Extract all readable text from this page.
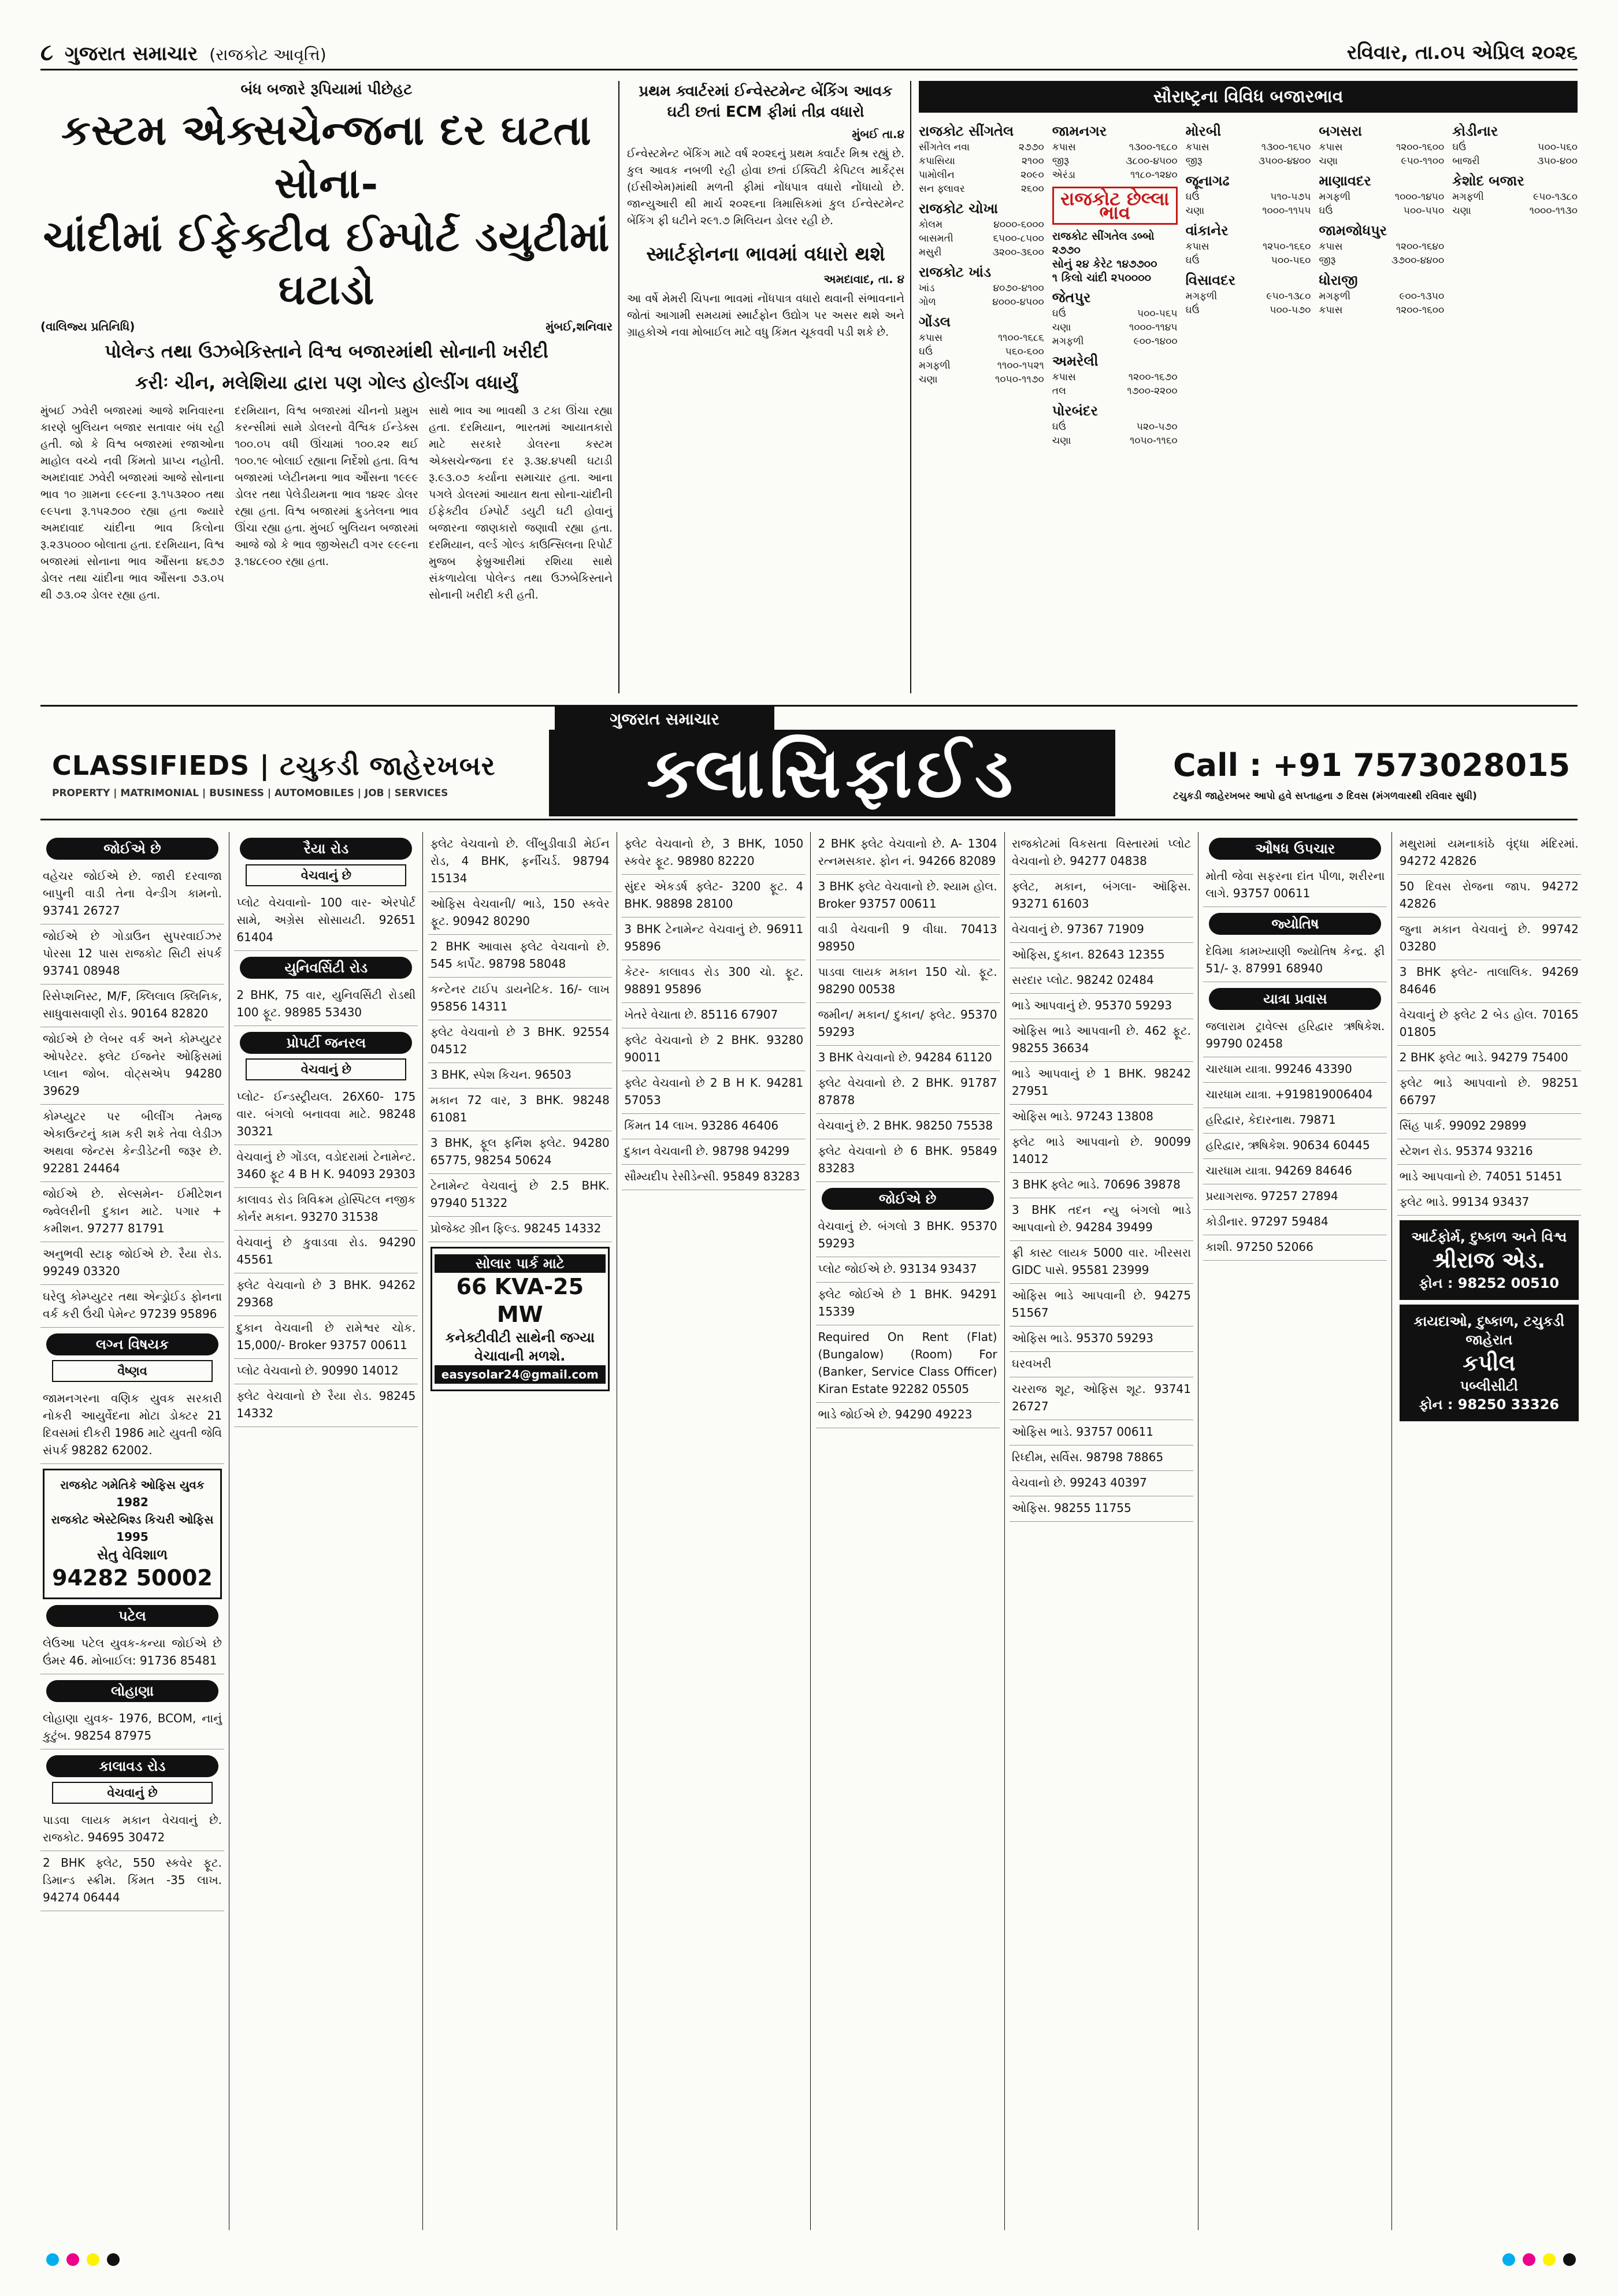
૮ ગુજરાત સમાચાર (રાજકોટ આવૃત્તિ)	રવિવાર, તા.૦૫ એપ્રિલ ૨૦૨૬
બંધ બજારે રૂપિયામાં પીછેહટ
કસ્ટમ એક્સચેન્જના દર ઘટતા સોના-
ચાંદીમાં ઈફેક્ટીવ ઈમ્પોર્ટ ડયુટીમાં ઘટાડો
(વાલિજ્ય પ્રતિનિધિ)	મુંબઈ,શનિવાર
પોલેન્ડ તથા ઉઝબેકિસ્તાને વિશ્વ બજારમાંથી સોનાની ખરીદી
કરીઃ ચીન, મલેશિયા દ્વારા પણ ગોલ્ડ હોલ્ડીંગ વધાર્યું
મુંબઈ ઝવેરી બજારમાં આજે શનિવારના કારણે બુલિયન બજાર સતાવાર બંધ રહી હતી. જો કે વિશ્વ બજારમાં રજાઓના માહોલ વચ્ચે નવી કિંમતો પ્રાપ્ય નહોતી. અમદાવાદ ઝવેરી બજારમાં આજે સોનાના ભાવ ૧૦ ગ્રામના ૯૯૯ના રૂ.૧૫૩૨૦૦ તથા ૯૯૫ના રૂ.૧૫૨૭૦૦ રહ્યા હતા જ્યારે અમદાવાદ ચાંદીના ભાવ કિલોના રૂ.૨૩૫૦૦૦ બોલાતા હતા. દરમિયાન, વિશ્વ બજારમાં સોનાના ભાવ ઔંસના ૪૬૭૭ ડોલર તથા ચાંદીના ભાવ ઔંસના ૭૩.૦૫ થી ૭૩.૦૨ ડોલર રહ્યા હતા.
દરમિયાન, વિશ્વ બજારમાં ચીનનો પ્રમુખ કરન્સીમાં સામે ડોલરનો વૈશ્વિક ઈન્ડેક્સ ૧૦૦.૦૫ વધી ઊંચામાં ૧૦૦.૨૨ થઈ ૧૦૦.૧૯ બોલાઈ રહ્યાના નિર્દેશો હતા. વિશ્વ બજારમાં પ્લેટીનમના ભાવ ઔંસના ૧૯૯૯ ડોલર તથા પેલેડીયમના ભાવ ૧૪૨૯ ડોલર રહ્યા હતા. વિશ્વ બજારમાં ક્રુડતેલના ભાવ ઊંચા રહ્યા હતા. મુંબઈ બુલિયન બજારમાં આજે જો કે ભાવ જીએસટી વગર ૯૯૯ના રૂ.૧૪૮૯૦૦ રહ્યા હતા.
સાથે ભાવ આ ભાવથી ૩ ટકા ઊંચા રહ્યા હતા. દરમિયાન, ભારતમાં આયાતકારો માટે સરકારે ડોલરના કસ્ટમ એક્સચેન્જના દર રૂ.૩૪.૪૫થી ઘટાડી રૂ.૯૩.૦૭ કર્યાના સમાચાર હતા. આના પગલે ડોલરમાં આયાત થતા સોના-ચાંદીની ઈફેક્ટીવ ઈમ્પોર્ટ ડયુટી ઘટી હોવાનું બજારના જાણકારો જણાવી રહ્યા હતા. દરમિયાન, વર્લ્ડ ગોલ્ડ કાઉન્સિલના રિપોર્ટ મુજબ ફેબ્રુઆરીમાં રશિયા સાથે સંકળાયેલા પોલેન્ડ તથા ઉઝબેકિસ્તાને સોનાની ખરીદી કરી હતી.
પ્રથમ ક્વાર્ટરમાં ઈન્વેસ્ટમેન્ટ બેંકિંગ આવક ઘટી છતાં ECM ફીમાં તીવ્ર વધારો
મુંબઈ તા.૪
ઈન્વેસ્ટમેન્ટ બેંકિંગ માટે વર્ષ ૨૦૨૬નું પ્રથમ ક્વાર્ટર મિશ્ર રહ્યું છે. કુલ આવક નબળી રહી હોવા છતાં ઈક્વિટી કેપિટલ માર્કેટ્સ (ઈસીએમ)માંથી મળતી ફીમાં નોંધપાત્ર વધારો નોંધાયો છે. જાન્યુઆરી થી માર્ચ ૨૦૨૬ના ત્રિમાસિકમાં કુલ ઈન્વેસ્ટમેન્ટ બેંકિંગ ફી ઘટીને ૨૯૧.૭ મિલિયન ડોલર રહી છે.
સ્માર્ટફોનના ભાવમાં વધારો થશે
અમદાવાદ, તા. ૪
આ વર્ષે મેમરી ચિપના ભાવમાં નોંધપાત્ર વધારો થવાની સંભાવનાને જોતાં આગામી સમયમાં સ્માર્ટફોન ઉદ્યોગ પર અસર થશે અને ગ્રાહકોએ નવા મોબાઈલ માટે વધુ કિંમત ચૂકવવી પડી શકે છે.
સૌરાષ્ટ્રના વિવિધ બજારભાવ
રાજકોટ સીંગતેલ
સીંગતેલ નવા	૨૭૭૦
કપાસિયા	૨૧૦૦
પામોલીન	૨૦૯૦
સન ફ્લાવર	૨૬૦૦
રાજકોટ ચોખા
કોલમ	૪૦૦૦-૬૦૦૦
બાસમતી	૬૫૦૦-૮૫૦૦
મસુરી	૩૨૦૦-૩૬૦૦
રાજકોટ ખાંડ
ખાંડ	૪૦૭૦-૪૧૦૦
ગોળ	૪૦૦૦-૪૫૦૦
ગોંડલ
કપાસ	૧૧૦૦-૧૬૮૬
ઘઉં	૫૬૦-૬૦૦
મગફળી	૧૧૦૦-૧૫૨૧
ચણા	૧૦૫૦-૧૧૭૦
જામનગર
કપાસ	૧૩૦૦-૧૬૮૦
જીરૂ	૩૮૦૦-૪૫૦૦
એરંડા	૧૧૮૦-૧૨૪૦
રાજકોટ છેલ્લા ભાવ
રાજકોટ સીંગતેલ ડબ્બો ૨૭૭૦
સોનું ૨૪ કેરેટ ૧૪૭૭૦૦
૧ કિલો ચાંદી ૨૫૦૦૦૦
જેતપુર
ઘઉં	૫૦૦-૫૬૫
ચણા	૧૦૦૦-૧૧૪૫
મગફળી	૯૦૦-૧૪૦૦
અમરેલી
કપાસ	૧૨૦૦-૧૬૭૦
તલ	૧૭૦૦-૨૨૦૦
પોરબંદર
ઘઉં	૫૨૦-૫૭૦
ચણા	૧૦૫૦-૧૧૬૦
મોરબી
કપાસ	૧૩૦૦-૧૬૫૦
જીરૂ	૩૫૦૦-૪૪૦૦
જૂનાગઢ
ઘઉં	૫૧૦-૫૭૫
ચણા	૧૦૦૦-૧૧૫૫
વાંકાનેર
કપાસ	૧૨૫૦-૧૬૬૦
ઘઉં	૫૦૦-૫૬૦
વિસાવદર
મગફળી	૯૫૦-૧૩૮૦
ઘઉં	૫૦૦-૫૭૦
બગસરા
કપાસ	૧૨૦૦-૧૬૦૦
ચણા	૯૫૦-૧૧૦૦
માણાવદર
મગફળી	૧૦૦૦-૧૪૫૦
ઘઉં	૫૦૦-૫૫૦
જામજોધપુર
કપાસ	૧૨૦૦-૧૬૪૦
જીરૂ	૩૭૦૦-૪૪૦૦
ધોરાજી
મગફળી	૯૦૦-૧૩૫૦
કપાસ	૧૨૦૦-૧૬૦૦
કોડીનાર
ઘઉં	૫૦૦-૫૬૦
બાજરી	૩૫૦-૪૦૦
કેશોદ બજાર
મગફળી	૯૫૦-૧૩૮૦
ચણા	૧૦૦૦-૧૧૩૦
ગુજરાત સમાચાર
CLASSIFIEDS | ટચુકડી જાહેરખબર
PROPERTY | MATRIMONIAL | BUSINESS | AUTOMOBILES | JOB | SERVICES	ક્લાસિફાઈડ	Call : +91 7573028015
ટચુકડી જાહેરખબર આપો હવે સપ્તાહના ૭ દિવસ (મંગળવારથી રવિવાર સુધી)
જોઈએ છે
વહેચર જોઈએ છે. જારી દરવાજા બાપુની વાડી તેના વેન્ડીગ કામનો. 93741 26727
જોઈએ છે ગોડાઉન સુપરવાઈઝર પોરસા 12 પાસ રાજકોટ સિટી સંપર્ક 93741 08948
રિસેપ્શનિસ્ટ, M/F, ક્લિલાલ ક્લિનિક, સાધુવાસવાણી રોડ. 90164 82820
જોઈએ છે લેબર વર્ક અને કોમ્પ્યુટર ઓપરેટર. ફ્લેટ ઈજનેર ઓફિસમાં પ્લાન જોબ. વોટ્સએપ 94280 39629
કોમ્પ્યુટર પર બીલીંગ તેમજ એકાઉન્ટનું કામ કરી શકે તેવા લેડીઝ અથવા જેન્ટસ કેન્ડીડેટની જરૂર છે. 92281 24464
જોઈએ છે. સેલ્સમેન- ઈમીટેશન જ્વેલરીની દુકાન માટે. પગાર + કમીશન. 97277 81791
અનુભવી સ્ટાફ જોઈએ છે. રૈયા રોડ. 99249 03320
ઘરેલુ કોમ્પ્યુટર તથા એન્ડ્રોઈડ ફોનના વર્ક કરી ઉંચી પેમેન્ટ 97239 95896
લગ્ન વિષયક
વૈષ્ણવ
જામનગરના વણિક યુવક સરકારી નોકરી આયુર્વેદના મોટા ડોક્ટર 21 દિવસમાં દીકરી 1986 માટે યુવતી જેવિ સંપર્ક 98282 62002.
રાજકોટ ગમેતિકે ઓફિસ યુવક 1982
રાજકોટ એસ્ટેબિશ્ડ કિચરી ઓફિસ 1995
સેતુ વેવિશાળ
94282 50002
પટેલ
લેઉઆ પટેલ યુવક-કન્યા જોઈએ છે ઉંમર 46. મોબાઈલ: 91736 85481
લોહાણા
લોહાણા યુવક- 1976, BCOM, નાનું કુટુંબ. 98254 87975
કાલાવડ રોડ
વેચવાનું છે
પાડવા લાયક મકાન વેચવાનું છે. રાજકોટ. 94695 30472
2 BHK ફ્લેટ, 550 સ્કવેર ફૂટ. ડિમાન્ડ સ્ક્રીમ. કિંમત -35 લાખ. 94274 06444
રૈયા રોડ
વેચવાનું છે
પ્લોટ વેચવાનો- 100 વાર- એરપોર્ટ સામે, અગ્રેસ સોસાયટી. 92651 61404
યુનિવર્સિટી રોડ
2 BHK, 75 વાર, યુનિવર્સિટી રોડથી 100 ફૂટ. 98985 53430
પ્રોપર્ટી જનરલ
વેચવાનું છે
પ્લોટ- ઈન્ડસ્ટ્રીયલ. 26X60- 175 વાર. બંગલો બનાવવા માટે. 98248 30321
વેચવાનું છે ગોંડલ, વડોદરામાં ટેનામેન્ટ. 3460 ફૂટ 4 B H K. 94093 29303
કાલાવડ રોડ ત્રિવિક્રમ હોસ્પિટલ નજીક કોર્નર મકાન. 93270 31538
વેચવાનું છે કુવાડવા રોડ. 94290 45561
ફ્લેટ વેચવાનો છે 3 BHK. 94262 29368
દુકાન વેચવાની છે રામેશ્વર ચોક. 15,000/- Broker 93757 00611
પ્લોટ વેચવાનો છે. 90990 14012
ફ્લેટ વેચવાનો છે રૈયા રોડ. 98245 14332
ફ્લેટ વેચવાનો છે. લીંબુડીવાડી મેઈન રોડ, 4 BHK, ફર્નીચર્ડ. 98794 15134
ઓફિસ વેચવાની/ ભાડે, 150 સ્કવેર ફૂટ. 90942 80290
2 BHK આવાસ ફ્લેટ વેચવાનો છે. 545 કાર્પેટ. 98798 58048
કન્ટેનર ટાઈપ ડાયનેટિક. 16/- લાખ 95856 14311
ફ્લેટ વેચવાનો છે 3 BHK. 92554 04512
3 BHK, સ્પેશ કિચન. 96503
મકાન 72 વાર, 3 BHK. 98248 61081
3 BHK, ફૂલ ફર્નિશ ફ્લેટ. 94280 65775, 98254 50624
ટેનામેન્ટ વેચવાનું છે 2.5 BHK. 97940 51322
પ્રોજેક્ટ ગ્રીન ફિલ્ડ. 98245 14332
સોલાર પાર્ક માટે
66 KVA-25 MW
કનેક્ટીવીટી સાથેની જગ્યા વેચાવાની મળશે.
easysolar24@gmail.com
ફ્લેટ વેચવાનો છે, 3 BHK, 1050 સ્કવેર ફૂટ. 98980 82220
સુંદર એકડર્ષ ફ્લેટ- 3200 ફૂટ. 4 BHK. 98898 28100
3 BHK ટેનામેન્ટ વેચવાનું છે. 96911 95896
કેટર- કાલાવડ રોડ 300 ચો. ફૂટ. 98891 95896
ખેતરે વેચાતા છે. 85116 67907
ફ્લેટ વેચવાનો છે 2 BHK. 93280 90011
ફ્લેટ વેચવાનો છે 2 B H K. 94281 57053
કિંમત 14 લાખ. 93286 46406
દુકાન વેચવાની છે. 98798 94299
સૌમ્યદીપ રેસીડેન્સી. 95849 83283
2 BHK ફ્લેટ વેચવાનો છે. A- 1304 રત્નમસકાર. ફોન નં. 94266 82089
3 BHK ફ્લેટ વેચવાનો છે. શ્યામ હોલ. Broker 93757 00611
વાડી વેચવાની 9 વીઘા. 70413 98950
પાડવા લાયક મકાન 150 ચો. ફૂટ. 98290 00538
જમીન/ મકાન/ દુકાન/ ફ્લેટ. 95370 59293
3 BHK વેચવાનો છે. 94284 61120
ફ્લેટ વેચવાનો છે. 2 BHK. 91787 87878
વેચવાનું છે. 2 BHK. 98250 75538
ફ્લેટ વેચવાનો છે 6 BHK. 95849 83283
જોઈએ છે
વેચવાનું છે. બંગલો 3 BHK. 95370 59293
પ્લોટ જોઈએ છે. 93134 93437
ફ્લેટ જોઈએ છે 1 BHK. 94291 15339
Required On Rent (Flat) (Bungalow) (Room) For (Banker, Service Class Officer) Kiran Estate 92282 05505
ભાડે જોઈએ છે. 94290 49223
રાજકોટમાં વિકસતા વિસ્તારમાં પ્લોટ વેચવાનો છે. 94277 04838
ફ્લેટ, મકાન, બંગલા- ઑફિસ. 93271 61603
વેચવાનું છે. 97367 71909
ઓફિસ, દુકાન. 82643 12355
સરદાર પ્લોટ. 98242 02484
ભાડે આપવાનું છે. 95370 59293
ઓફિસ ભાડે આપવાની છે. 462 ફૂટ. 98255 36634
ભાડે આપવાનું છે 1 BHK. 98242 27951
ઓફિસ ભાડે. 97243 13808
ફ્લેટ ભાડે આપવાનો છે. 90099 14012
3 BHK ફ્લેટ ભાડે. 70696 39878
3 BHK તદન ન્યુ બંગલો ભાડે આપવાનો છે. 94284 39499
ફ્રી કાસ્ટ લાયક 5000 વાર. ખીરસરા GIDC પાસે. 95581 23999
ઓફિસ ભાડે આપવાની છે. 94275 51567
ઓફિસ ભાડે. 95370 59293
ઘરવખરી
ચરરાજ શૂટ, ઓફિસ શૂટ. 93741 26727
ઓફિસ ભાડે. 93757 00611
રિધ્દીમ, સર્વિસ. 98798 78865
વેચવાનો છે. 99243 40397
ઓફિસ. 98255 11755
ઔષધ ઉપચાર
મોતી જેવા સફરના દાંત પીળા, શરીરના લાગે. 93757 00611
જ્યોતિષ
દેવિમા કામખ્યાણી જ્યોતિષ કેન્દ્ર. ફી 51/- રૂ. 87991 68940
યાત્રા પ્રવાસ
જલારામ ટ્રાવેલ્સ હરિદ્વાર ઋષિકેશ. 99790 02458
ચારધામ યાત્રા. 99246 43390
ચારધામ યાત્રા. +919819006404
હરિદ્વાર, કેદારનાથ. 79871
હરિદ્વાર, ઋષિકેશ. 90634 60445
ચારધામ યાત્રા. 94269 84646
પ્રયાગરાજ. 97257 27894
કોડીનાર. 97297 59484
કાશી. 97250 52066
મથુરામાં યમનાકાંઠે વૃંદ્ધા મંદિરમાં. 94272 42826
50 દિવસ રોજના જાપ. 94272 42826
જુના મકાન વેચવાનું છે. 99742 03280
3 BHK ફ્લેટ- તાલાલિક. 94269 84646
વેચવાનું છે ફ્લેટ 2 બેડ હોલ. 70165 01805
2 BHK ફ્લેટ ભાડે. 94279 75400
ફ્લેટ ભાડે આપવાનો છે. 98251 66797
સિંહ પાર્ક. 99092 29899
સ્ટેશન રોડ. 95374 93216
ભાડે આપવાનો છે. 74051 51451
ફ્લેટ ભાડે. 99134 93437
આર્ટફોર્મ, દુષ્કાળ અને વિશ્વ
શ્રીરાજ એડ.
ફોન : 98252 00510
કાયદાઓ, દુષ્કાળ, ટચુકડી જાહેરાત
કપીલ
પબ્લીસીટી
ફોન : 98250 33326
